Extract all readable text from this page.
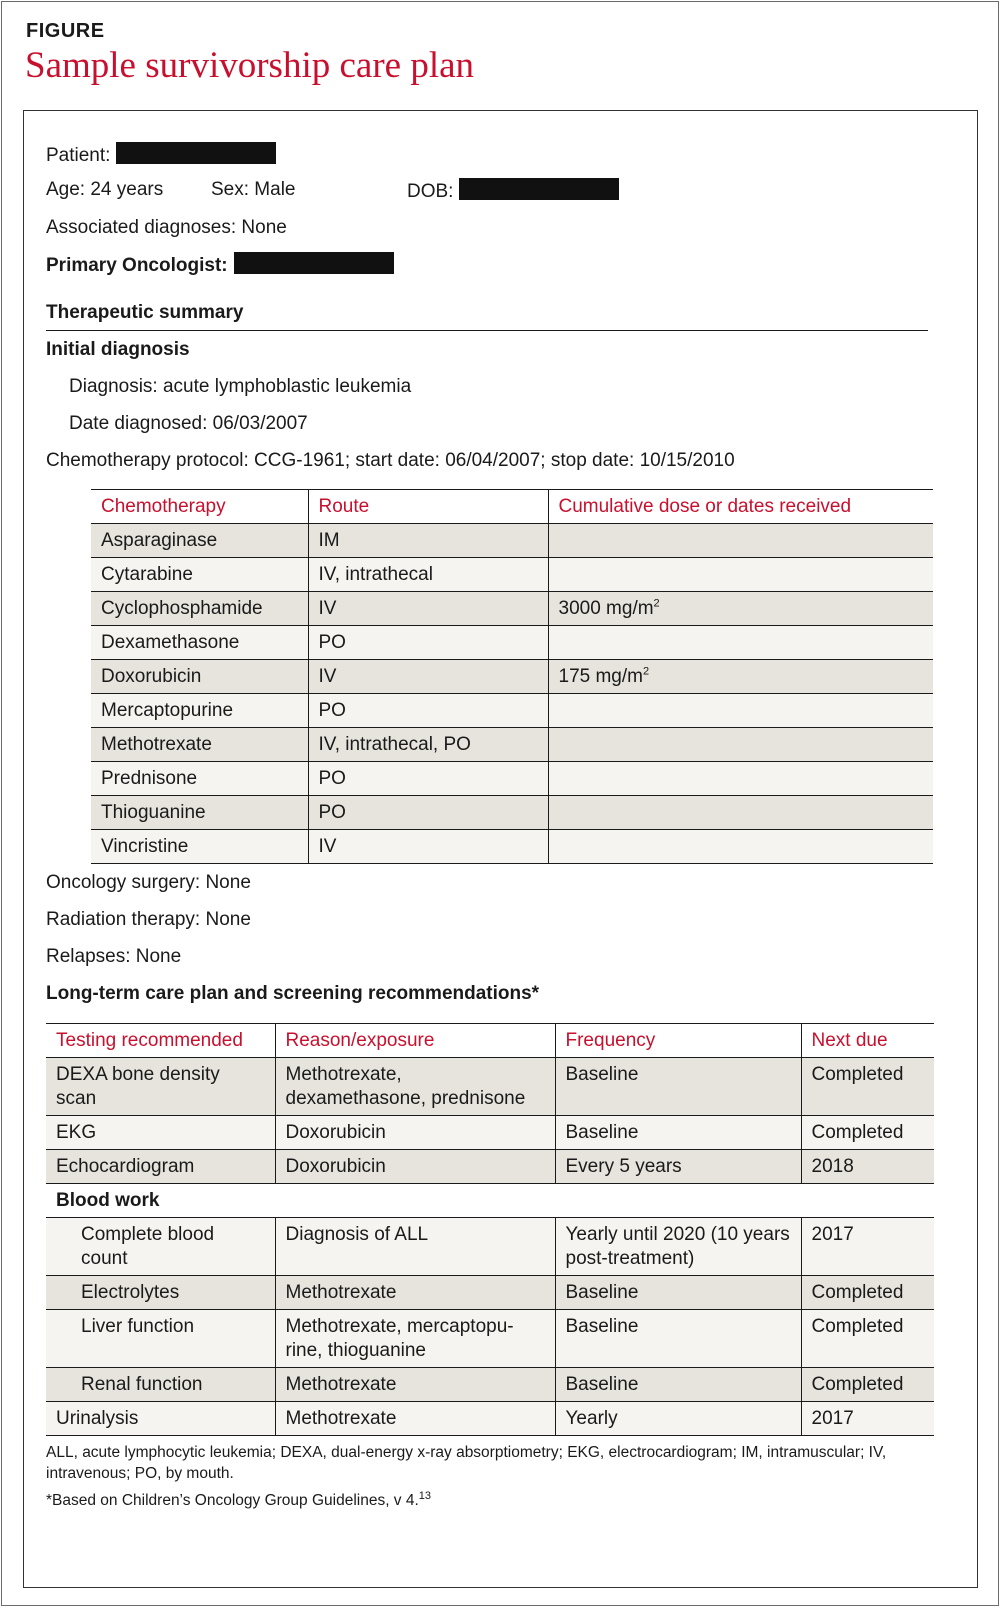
FIGURE
Sample survivorship care plan
Patient:
Age: 24 years	Sex: Male	DOB:
Associated diagnoses: None
Primary Oncologist:
Therapeutic summary
Initial diagnosis
Diagnosis: acute lymphoblastic leukemia
Date diagnosed: 06/03/2007
Chemotherapy protocol: CCG-1961; start date: 06/04/2007; stop date: 10/15/2010
Chemotherapy	Route	Cumulative dose or dates received
Asparaginase	IM	
Cytarabine	IV, intrathecal	
Cyclophosphamide	IV	3000 $mg/m^2$
Dexamethasone	PO	
Doxorubicin	IV	175 $mg/m^2$
Mercaptopurine	PO	
Methotrexate	IV, intrathecal, PO	
Prednisone	PO	
Thioguanine	PO	
Vincristine	IV	
Oncology surgery: None
Radiation therapy: None
Relapses: None
Long-term care plan and screening recommendations*
Testing recommended	Reason/exposure	Frequency	Next due
DEXA bone density scan	Methotrexate, dexamethasone, prednisone	Baseline	Completed
EKG	Doxorubicin	Baseline	Completed
Echocardiogram	Doxorubicin	Every 5 years	2018
Blood work			
Complete blood count	Diagnosis of ALL	Yearly until 2020 (10 years post-treatment)	2017
Electrolytes	Methotrexate	Baseline	Completed
Liver function	Methotrexate, mercaptopu-rine, thioguanine	Baseline	Completed
Renal function	Methotrexate	Baseline	Completed
Urinalysis	Methotrexate	Yearly	2017
ALL, acute lymphocytic leukemia; DEXA, dual-energy x-ray absorptiometry; EKG, electrocardiogram; IM, intramuscular; IV, intravenous; PO, by mouth.
*Based on Children’s Oncology Group Guidelines, v 4.13
